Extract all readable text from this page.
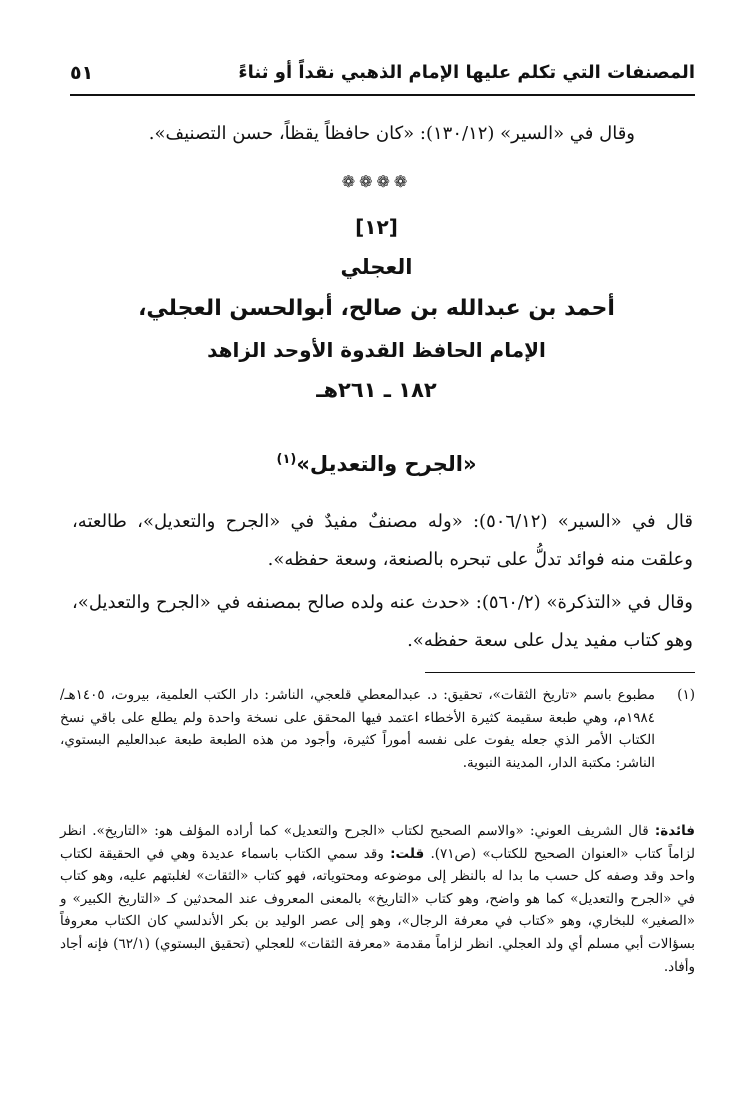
المصنفات التي تكلم عليها الإمام الذهبي نقداً أو ثناءً
٥١
وقال في «السير» (١٣٠/١٢): «كان حافظاً يقظاً، حسن التصنيف».
❁❁❁❁
[١٢]
العجلي
أحمد بن عبدالله بن صالح، أبوالحسن العجلي،
الإمام الحافظ القدوة الأوحد الزاهد
١٨٢ ـ ٢٦١هـ
«الجرح والتعديل»$^{(١)}$
قال في «السير» (٥٠٦/١٢): «وله مصنفٌ مفيدٌ في «الجرح والتعديل»، طالعته، وعلقت منه فوائد تدلُّ على تبحره بالصنعة، وسعة حفظه».
وقال في «التذكرة» (٥٦٠/٢): «حدث عنه ولده صالح بمصنفه في «الجرح والتعديل»، وهو كتاب مفيد يدل على سعة حفظه».
(١)
مطبوع باسم «تاريخ الثقات»، تحقيق: د. عبدالمعطي قلعجي، الناشر: دار الكتب العلمية، بيروت، ١٤٠٥هـ/١٩٨٤م، وهي طبعة سقيمة كثيرة الأخطاء اعتمد فيها المحقق على نسخة واحدة ولم يطلع على باقي نسخ الكتاب الأمر الذي جعله يفوت على نفسه أموراً كثيرة، وأجود من هذه الطبعة طبعة عبدالعليم البستوي، الناشر: مكتبة الدار، المدينة النبوية.
فائدة: قال الشريف العوني: «والاسم الصحيح لكتاب «الجرح والتعديل» كما أراده المؤلف هو: «التاريخ». انظر لزاماً كتاب «العنوان الصحيح للكتاب» (ص٧١). قلت: وقد سمي الكتاب باسماء عديدة وهي في الحقيقة لكتاب واحد وقد وصفه كل حسب ما بدا له بالنظر إلى موضوعه ومحتوياته، فهو كتاب «الثقات» لغلبتهم عليه، وهو كتاب في «الجرح والتعديل» كما هو واضح، وهو كتاب «التاريخ» بالمعنى المعروف عند المحدثين كـ «التاريخ الكبير» و «الصغير» للبخاري، وهو «كتاب في معرفة الرجال»، وهو إلى عصر الوليد بن بكر الأندلسي كان الكتاب معروفاً بسؤالات أبي مسلم أي ولد العجلي. انظر لزاماً مقدمة «معرفة الثقات» للعجلي (تحقيق البستوي) (٦٢/١) فإنه أجاد وأفاد.
